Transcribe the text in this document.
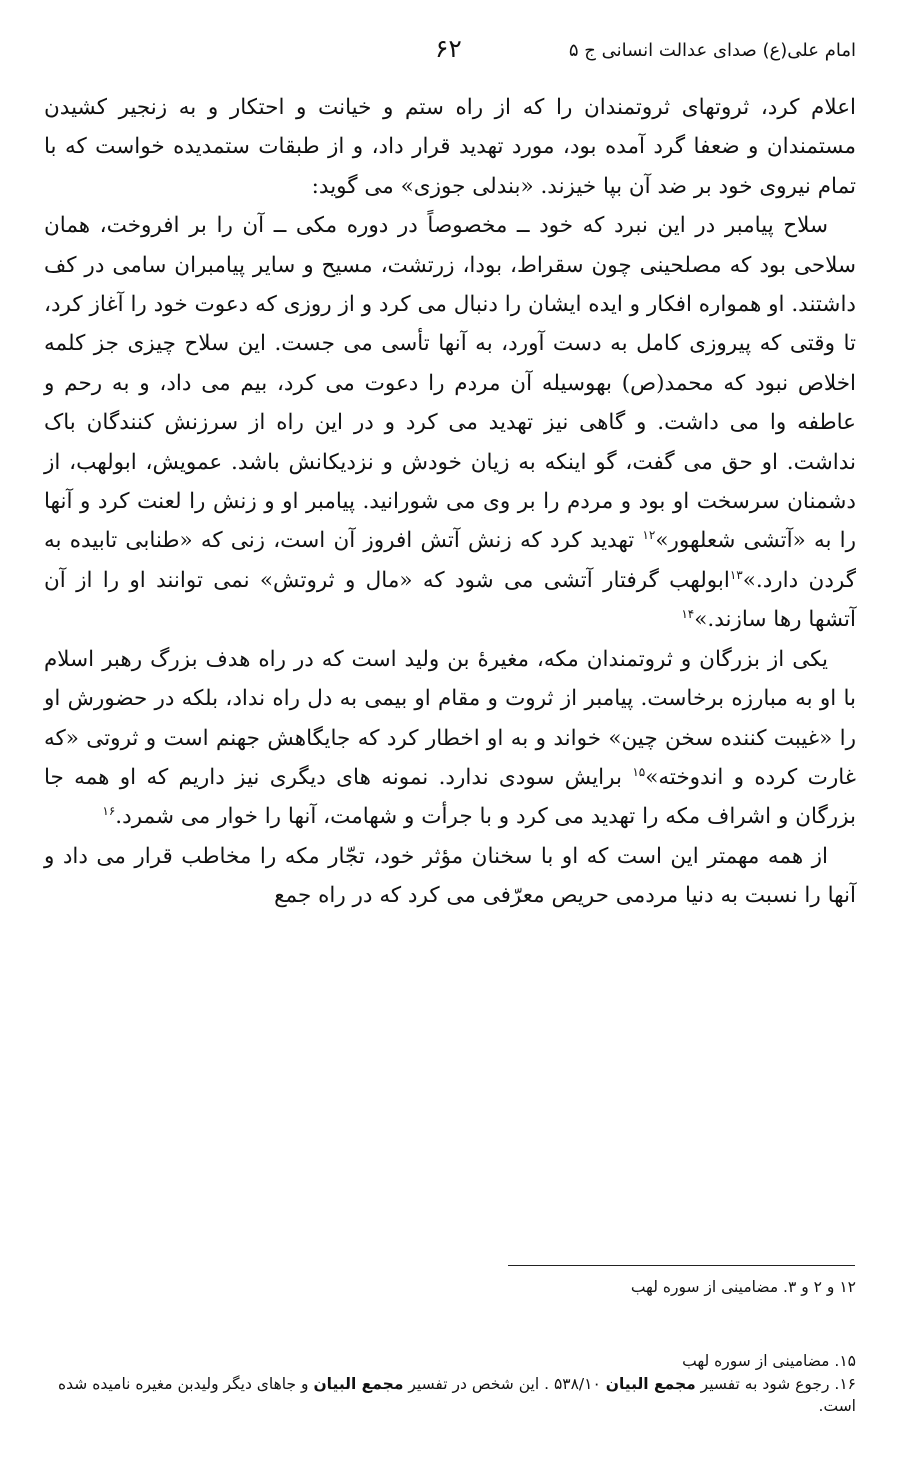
امام علی(ع) صدای عدالت انسانی ج ۵
۶۲

اعلام کرد، ثروتهای ثروتمندان را که از راه ستم و خیانت و احتکار و به زنجیر کشیدن مستمندان و ضعفا گرد آمده بود، مورد تهدید قرار داد، و از طبقات ستمدیده خواست که با تمام نیروی خود بر ضد آن بپا خیزند. «بندلی جوزی» می گوید:

سلاح پیامبر در این نبرد که خود ــ مخصوصاً در دوره مکی ــ آن را بر افروخت، همان سلاحی بود که مصلحینی چون سقراط، بودا، زرتشت، مسیح و سایر پیامبران سامی در کف داشتند. او همواره افکار و ایده ایشان را دنبال می کرد و از روزی که دعوت خود را آغاز کرد، تا وقتی که پیروزی کامل به دست آورد، به آنها تأسی می جست. این سلاح چیزی جز کلمه اخلاص نبود که محمد(ص) بهوسیله آن مردم را دعوت می کرد، بیم می داد، و به رحم و عاطفه وا می داشت. و گاهی نیز تهدید می کرد و در این راه از سرزنش کنندگان باک نداشت. او حق می گفت، گو اینکه به زیان خودش و نزدیکانش باشد. عمویش، ابولهب، از دشمنان سرسخت او بود و مردم را بر وی می شورانید. پیامبر او و زنش را لعنت کرد و آنها را به «آتشی شعلهور»$^{۱۲}$ تهدید کرد که زنش آتش افروز آن است، زنی که «طنابی تابیده به گردن دارد.»$^{۱۳}$ابولهب گرفتار آتشی می شود که «مال و ثروتش» نمی توانند او را از آن آتشها رها سازند.»$^{۱۴}$

یکی از بزرگان و ثروتمندان مکه، مغیرهٔ بن ولید است که در راه هدف بزرگ رهبر اسلام با او به مبارزه برخاست. پیامبر از ثروت و مقام او بیمی به دل راه نداد، بلکه در حضورش او را «غیبت کننده سخن چین» خواند و به او اخطار کرد که جایگاهش جهنم است و ثروتی «که غارت کرده و اندوخته»$^{۱۵}$ برایش سودی ندارد. نمونه های دیگری نیز داریم که او همه جا بزرگان و اشراف مکه را تهدید می کرد و با جرأت و شهامت، آنها را خوار می شمرد.$^{۱۶}$

از همه مهمتر این است که او با سخنان مؤثر خود، تجّار مکه را مخاطب قرار می داد و آنها را نسبت به دنیا مردمی حریص معرّفی می کرد که در راه جمع

۱۲ و ۲ و ۳. مضامینی از سوره لهب

۱۵. مضامینی از سوره لهب

۱۶. رجوع شود به تفسیر مجمع البیان ۵۳۸/۱۰ . این شخص در تفسیر مجمع البیان و جاهای دیگر ولیدبن مغیره نامیده شده است.
